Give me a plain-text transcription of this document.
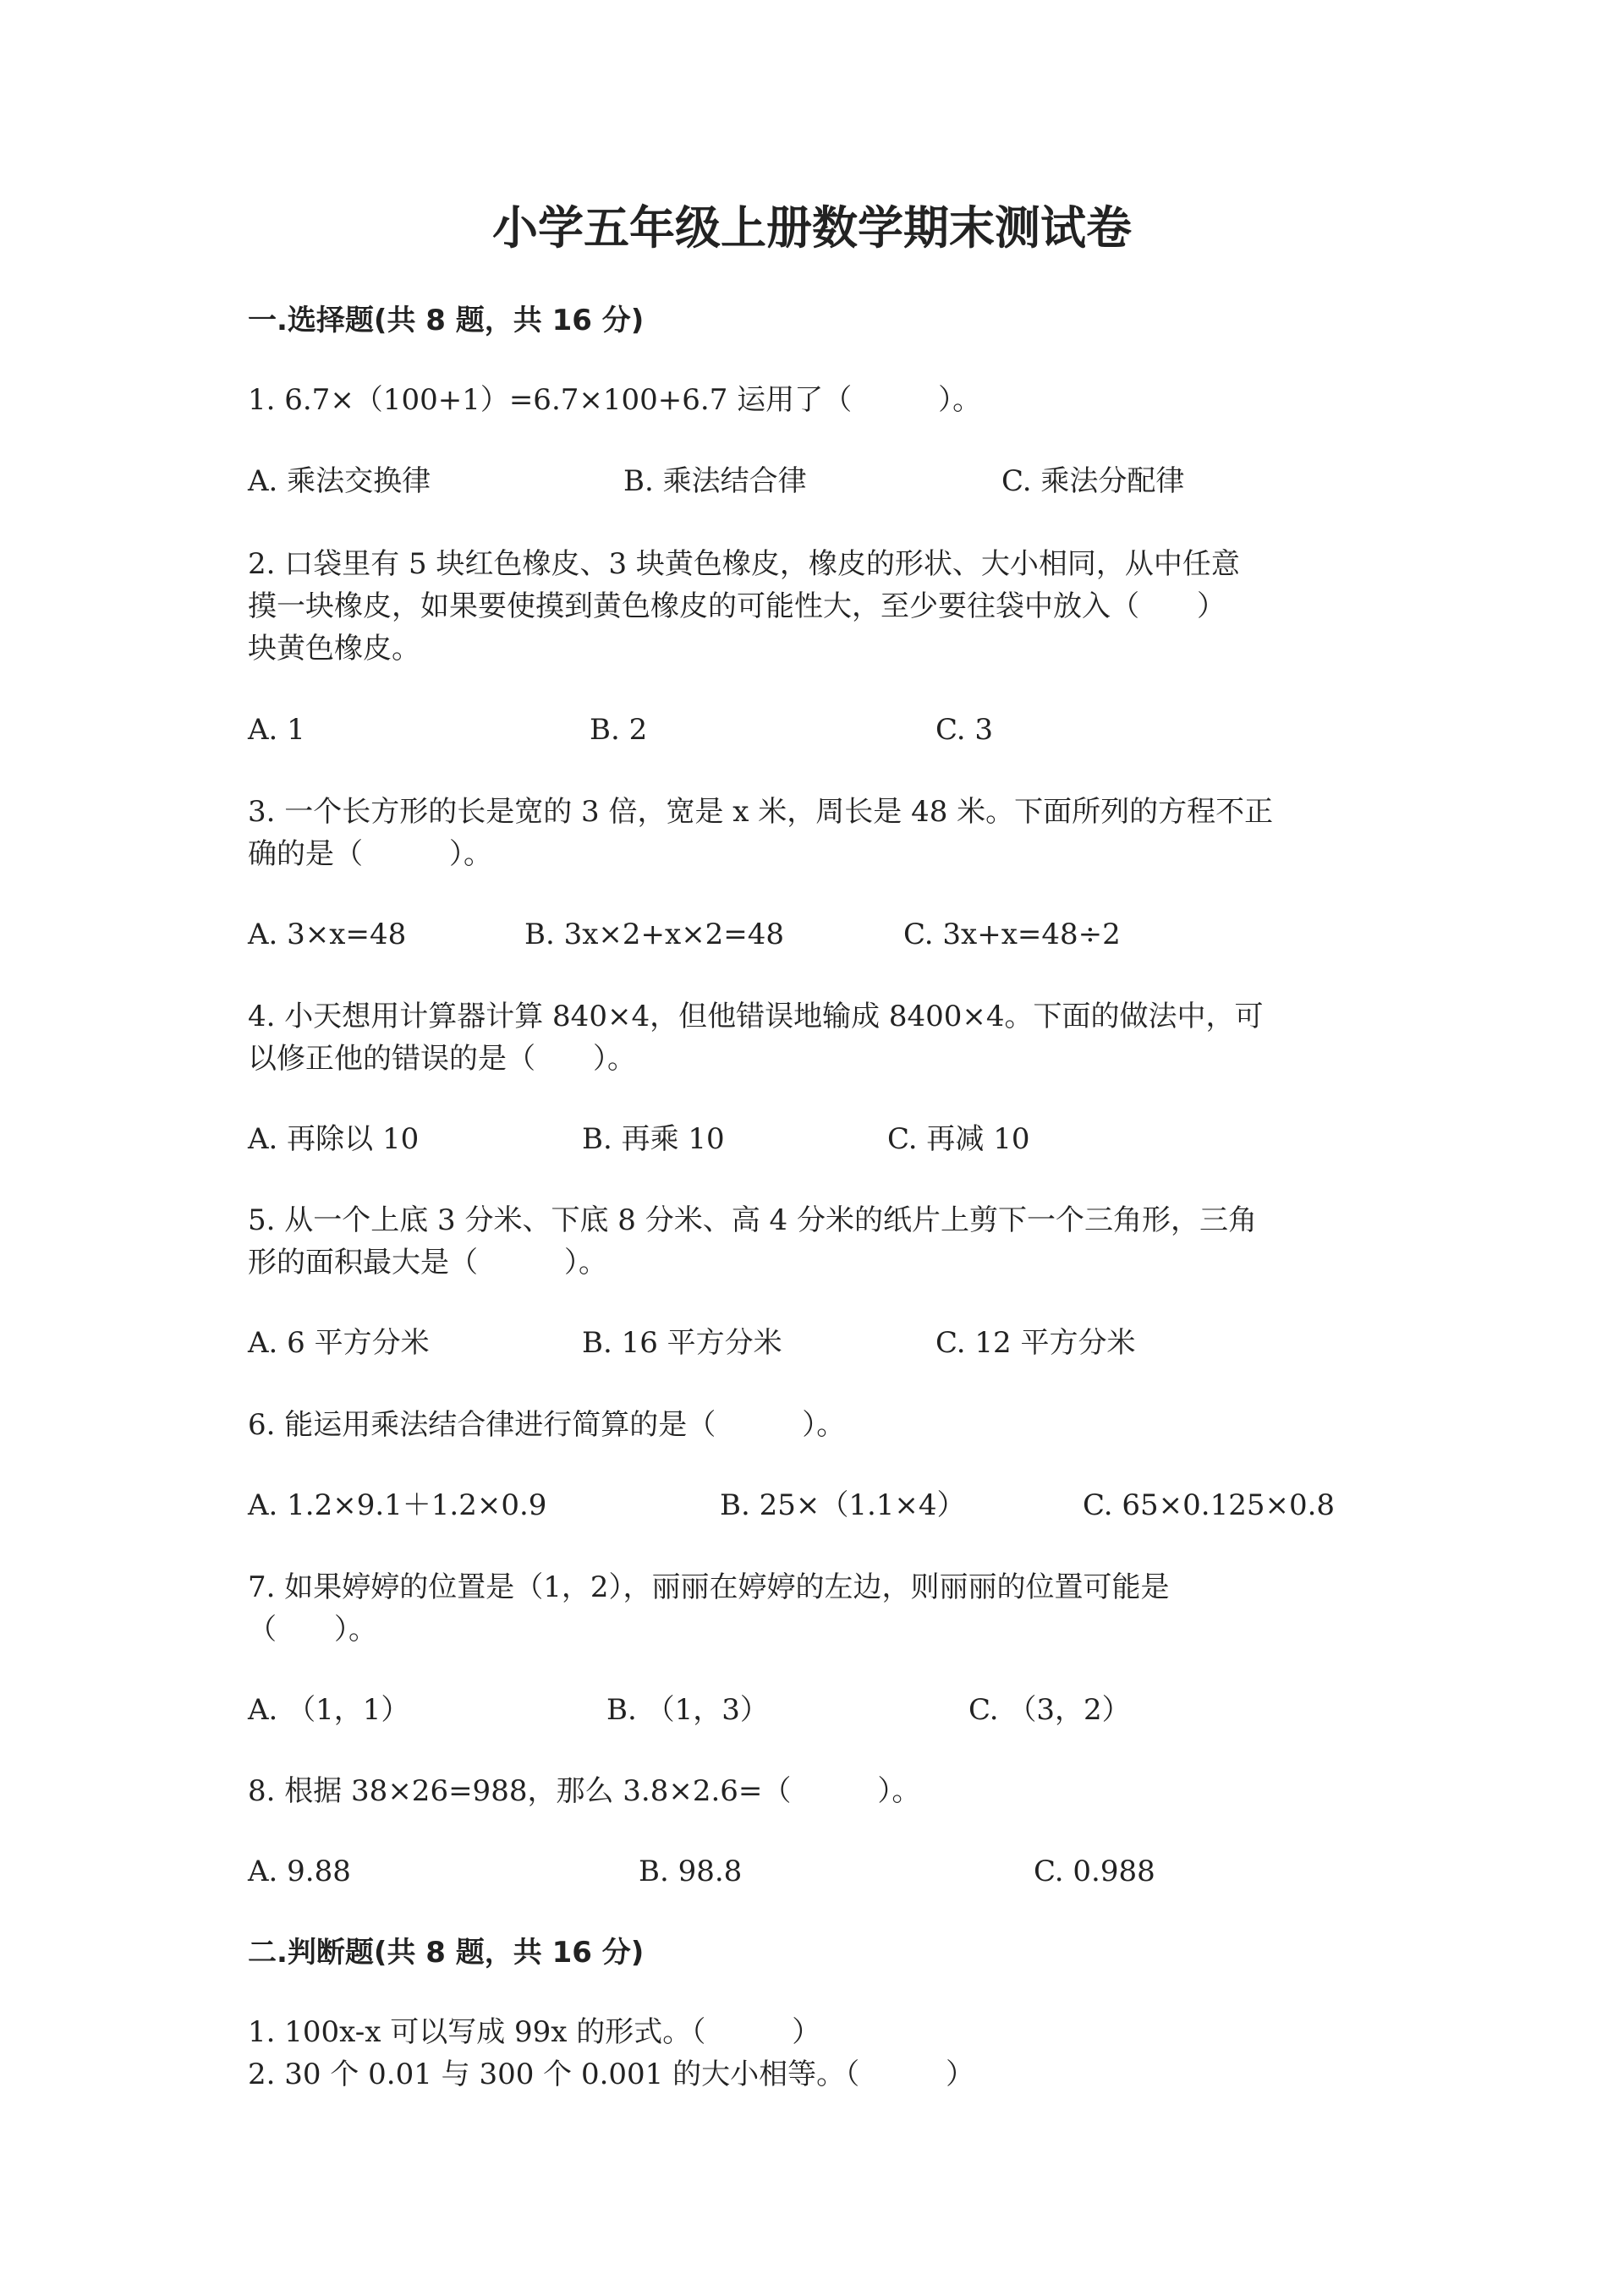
小学五年级上册数学期末测试卷
一.选择题(共 8 题，共 16 分)
1. 6.7×（100+1）=6.7×100+6.7 运用了（　　　）。
A. 乘法交换律	B. 乘法结合律	C. 乘法分配律
2. 口袋里有 5 块红色橡皮、3 块黄色橡皮，橡皮的形状、大小相同，从中任意
摸一块橡皮，如果要使摸到黄色橡皮的可能性大，至少要往袋中放入（　　）
块黄色橡皮。
A. 1	B. 2	C. 3
3. 一个长方形的长是宽的 3 倍，宽是 x 米，周长是 48 米。下面所列的方程不正
确的是（　　　）。
A. 3×x=48	B. 3x×2+x×2=48	C. 3x+x=48÷2
4. 小天想用计算器计算 840×4，但他错误地输成 8400×4。下面的做法中，可
以修正他的错误的是（　　）。
A. 再除以 10	B. 再乘 10	C. 再减 10
5. 从一个上底 3 分米、下底 8 分米、高 4 分米的纸片上剪下一个三角形，三角
形的面积最大是（　　　）。
A. 6 平方分米	B. 16 平方分米	C. 12 平方分米
6. 能运用乘法结合律进行简算的是（　　　）。
A. 1.2×9.1＋1.2×0.9	B. 25×（1.1×4）	C. 65×0.125×0.8
7. 如果婷婷的位置是（1，2），丽丽在婷婷的左边，则丽丽的位置可能是
（　　）。
A. （1，1）	B. （1，3）	C. （3，2）
8. 根据 38×26=988，那么 3.8×2.6=（　　　）。
A. 9.88	B. 98.8	C. 0.988
二.判断题(共 8 题，共 16 分)
1. 100x-x 可以写成 99x 的形式。（　　　）
2. 30 个 0.01 与 300 个 0.001 的大小相等。（　　　）
